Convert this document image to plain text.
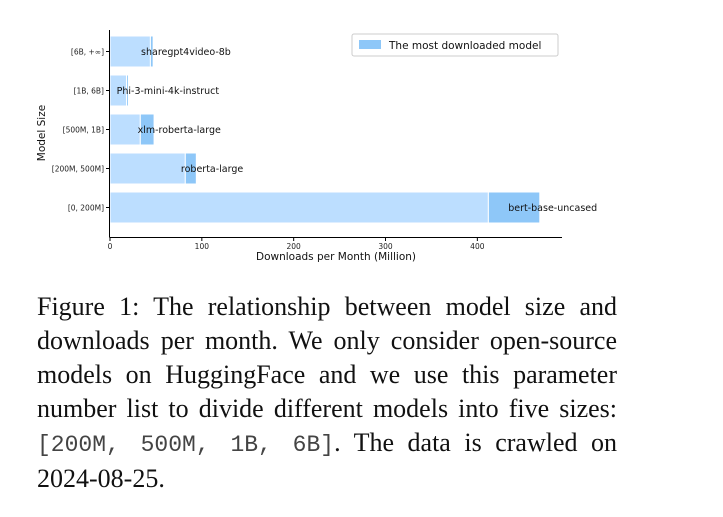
0	100	200	300	400
[6B, +∞]
[1B, 6B]
[500M, 1B]
[200M, 500M]
[0, 200M]
sharegpt4video-8b
Phi-3-mini-4k-instruct
xlm-roberta-large
roberta-large
bert-base-uncased
Downloads per Month (Million)
Model Size
The most downloaded model

Figure 1: The relationship between model size and downloads per month. We only consider open-source models on HuggingFace and we use this parameter number list to divide different models into five sizes: [200M, 500M, 1B, 6B]. The data is crawled on 2024-08-25.
